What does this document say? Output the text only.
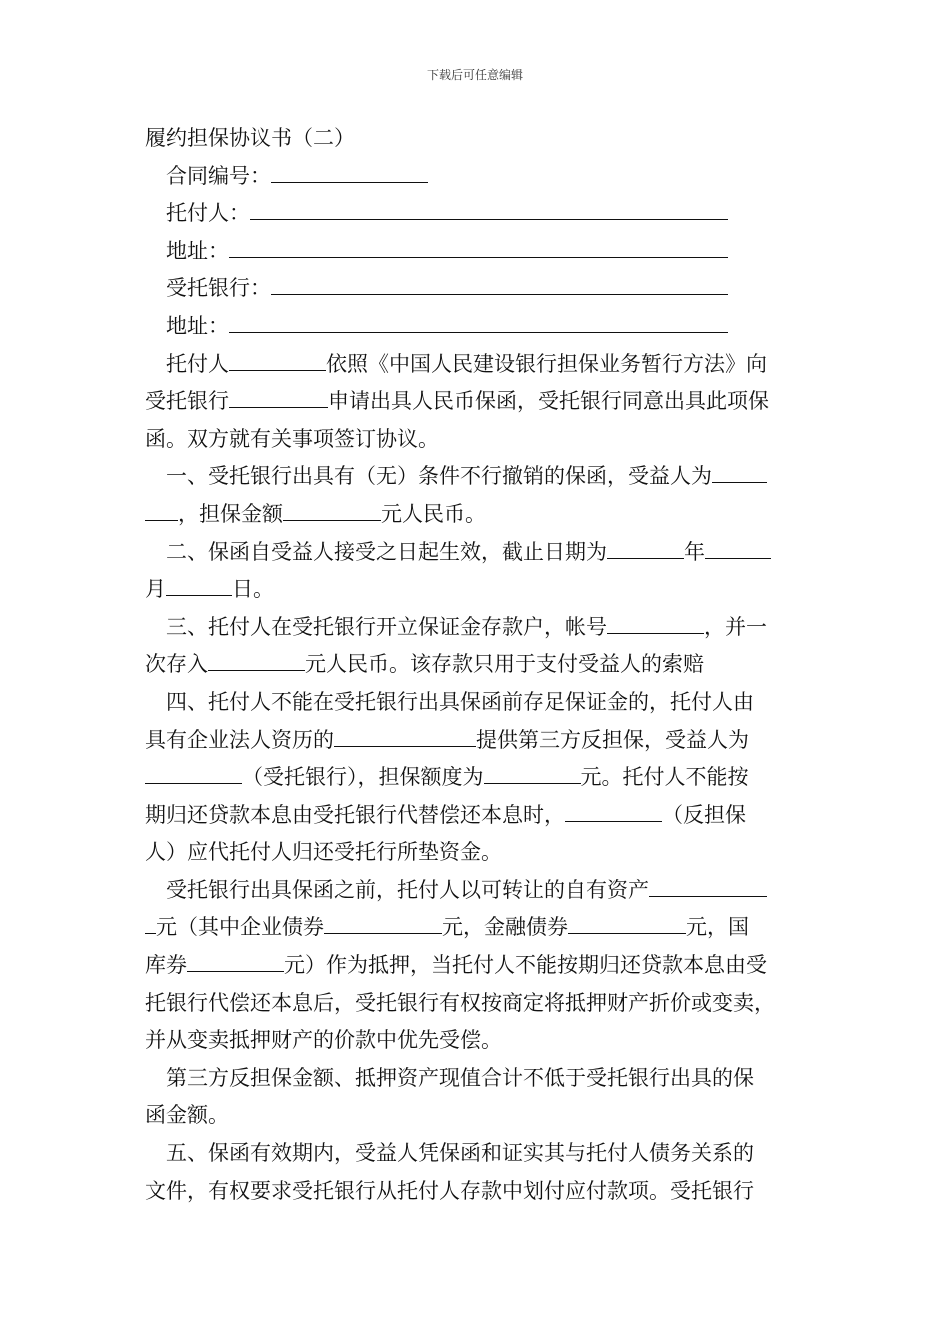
下载后可任意编辑
履约担保协议书（二）
合同编号：
托付人：
地址：
受托银行：
地址：
托付人	依照《中国人民建设银行担保业务暂行方法》向
受托银行	申请出具人民币保函，受托银行同意出具此项保
函。双方就有关事项签订协议。
一、受托银行出具有（无）条件不行撤销的保函，受益人为
，担保金额	元人民币。
二、保函自受益人接受之日起生效，截止日期为	年
月	日。
三、托付人在受托银行开立保证金存款户，帐号	，并一
次存入	元人民币。该存款只用于支付受益人的索赔
四、托付人不能在受托银行出具保函前存足保证金的，托付人由
具有企业法人资历的	提供第三方反担保，受益人为
（受托银行），担保额度为	元。托付人不能按
期归还贷款本息由受托银行代替偿还本息时，	（反担保
人）应代托付人归还受托行所垫资金。
受托银行出具保函之前，托付人以可转让的自有资产
元（其中企业债券	元，金融债券	元，国
库券	元）作为抵押，当托付人不能按期归还贷款本息由受
托银行代偿还本息后，受托银行有权按商定将抵押财产折价或变卖，
并从变卖抵押财产的价款中优先受偿。
第三方反担保金额、抵押资产现值合计不低于受托银行出具的保
函金额。
五、保函有效期内，受益人凭保函和证实其与托付人债务关系的
文件，有权要求受托银行从托付人存款中划付应付款项。受托银行
